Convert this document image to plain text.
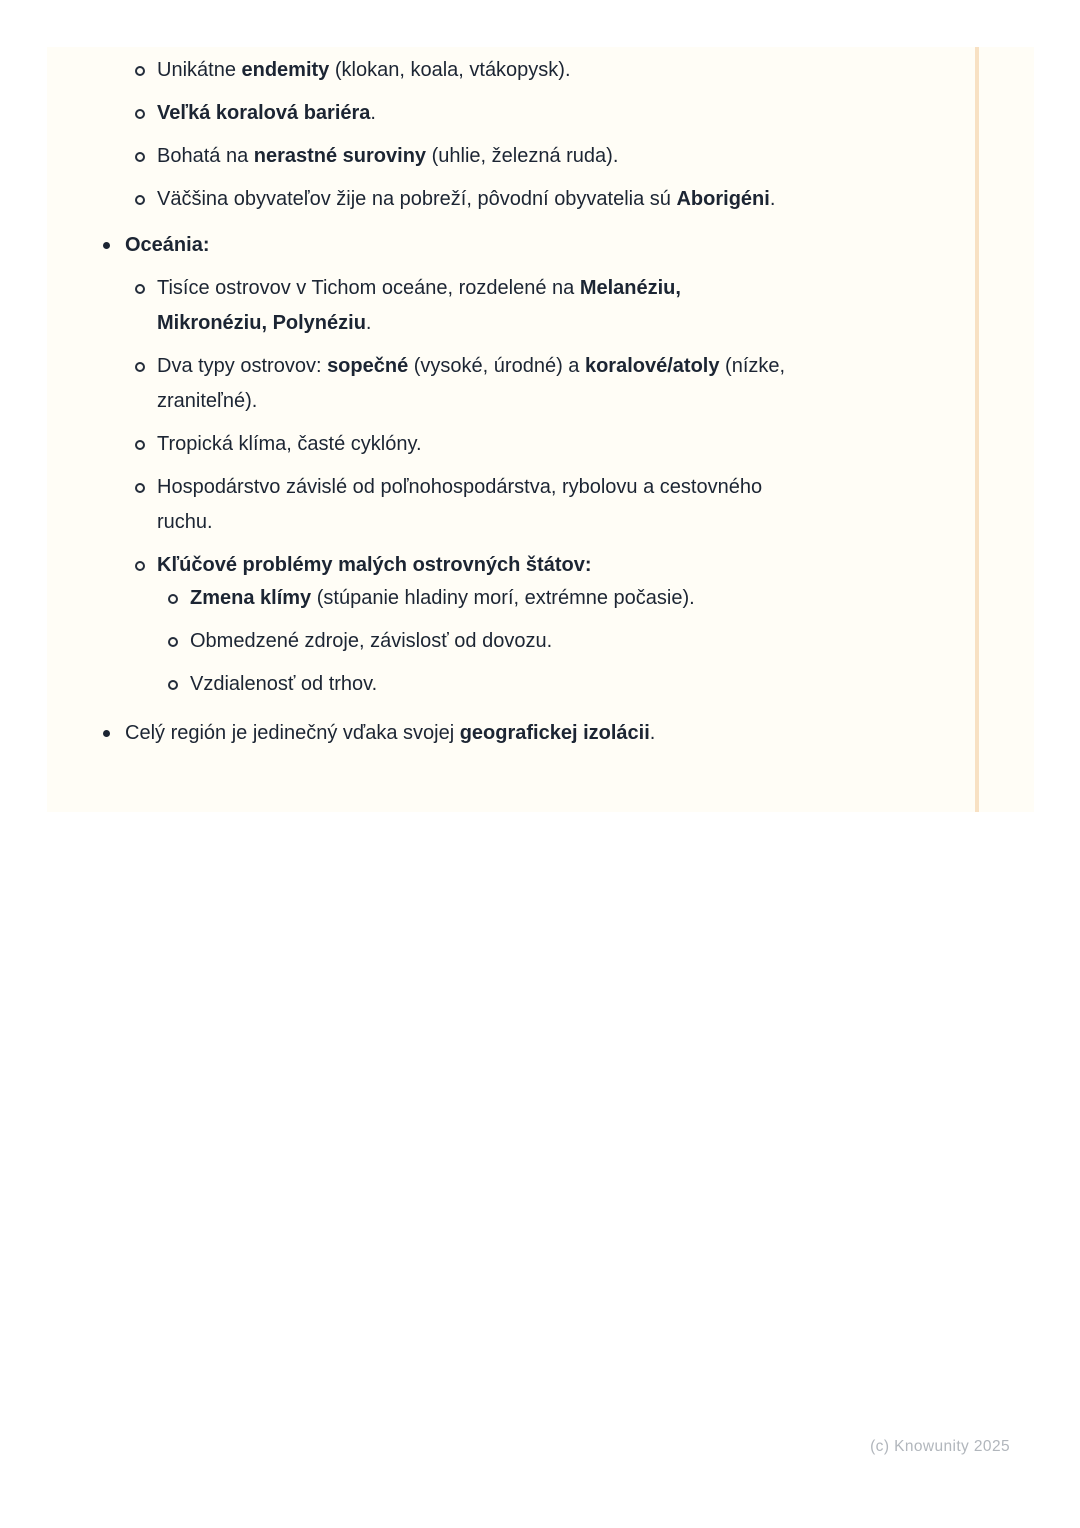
Unikátne endemity (klokan, koala, vtákopysk).
Veľká koralová bariéra.
Bohatá na nerastné suroviny (uhlie, železná ruda).
Väčšina obyvateľov žije na pobreží, pôvodní obyvatelia sú Aborigéni.
Oceánia:
Tisíce ostrovov v Tichom oceáne, rozdelené na Melanéziu, Mikronéziu, Polynéziu.
Dva typy ostrovov: sopečné (vysoké, úrodné) a koralové/atoly (nízke, zraniteľné).
Tropická klíma, časté cyklóny.
Hospodárstvo závislé od poľnohospodárstva, rybolovu a cestovného ruchu.
Kľúčové problémy malých ostrovných štátov:
Zmena klímy (stúpanie hladiny morí, extrémne počasie).
Obmedzené zdroje, závislosť od dovozu.
Vzdialenosť od trhov.
Celý región je jedinečný vďaka svojej geografickej izolácii.
(c) Knowunity 2025
